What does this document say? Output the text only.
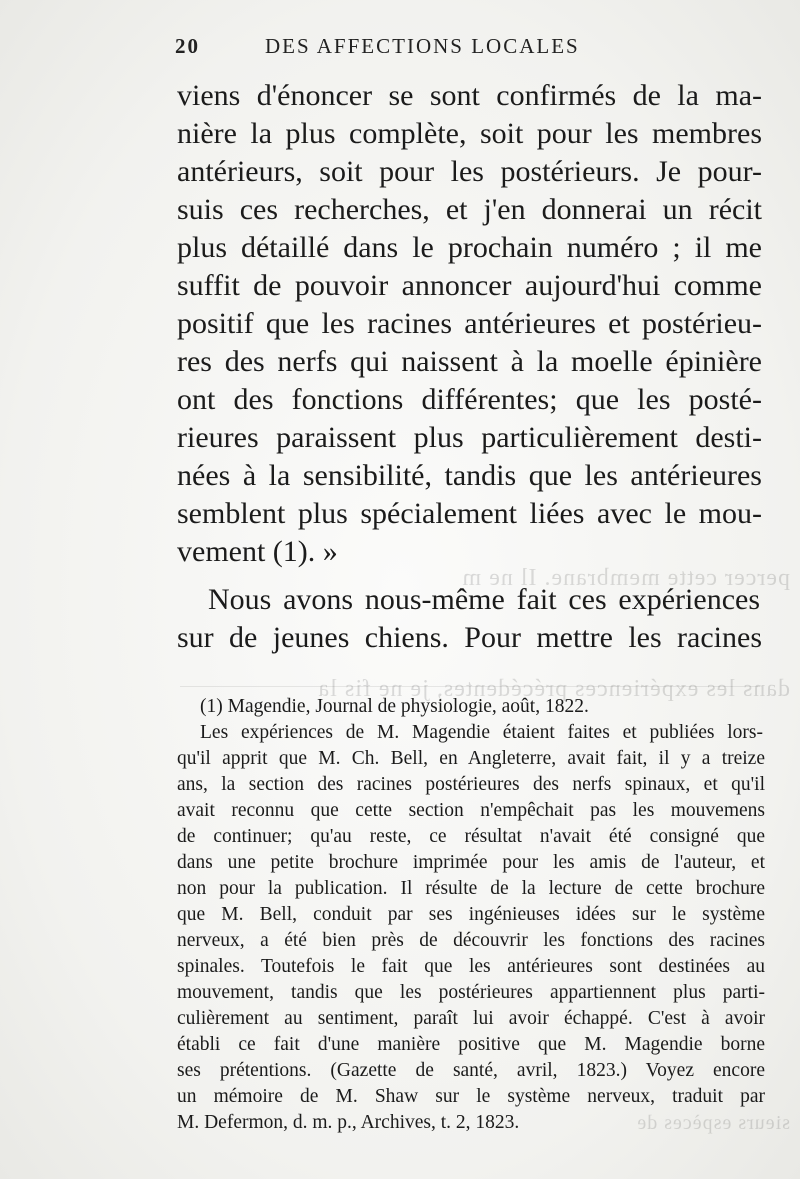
percer cette membrane. Il ne m
dans les expériences précédentes, je ne fis la
sieurs espèces de
20	DES AFFECTIONS LOCALES
viens d'énoncer se sont confirmés de la ma-
nière la plus complète, soit pour les membres
antérieurs, soit pour les postérieurs. Je pour-
suis ces recherches, et j'en donnerai un récit
plus détaillé dans le prochain numéro ; il me
suffit de pouvoir annoncer aujourd'hui comme
positif que les racines antérieures et postérieu-
res des nerfs qui naissent à la moelle épinière
ont des fonctions différentes; que les posté-
rieures paraissent plus particulièrement desti-
nées à la sensibilité, tandis que les antérieures
semblent plus spécialement liées avec le mou-
vement (1). »
Nous avons nous-même fait ces expériences
sur de jeunes chiens. Pour mettre les racines
(1) Magendie, Journal de physiologie, août, 1822.
Les expériences de M. Magendie étaient faites et publiées lors-
qu'il apprit que M. Ch. Bell, en Angleterre, avait fait, il y a treize
ans, la section des racines postérieures des nerfs spinaux, et qu'il
avait reconnu que cette section n'empêchait pas les mouvemens
de continuer; qu'au reste, ce résultat n'avait été consigné que
dans une petite brochure imprimée pour les amis de l'auteur, et
non pour la publication. Il résulte de la lecture de cette brochure
que M. Bell, conduit par ses ingénieuses idées sur le système
nerveux, a été bien près de découvrir les fonctions des racines
spinales. Toutefois le fait que les antérieures sont destinées au
mouvement, tandis que les postérieures appartiennent plus parti-
culièrement au sentiment, paraît lui avoir échappé. C'est à avoir
établi ce fait d'une manière positive que M. Magendie borne
ses prétentions. (Gazette de santé, avril, 1823.) Voyez encore
un mémoire de M. Shaw sur le système nerveux, traduit par
M. Defermon, d. m. p., Archives, t. 2, 1823.
